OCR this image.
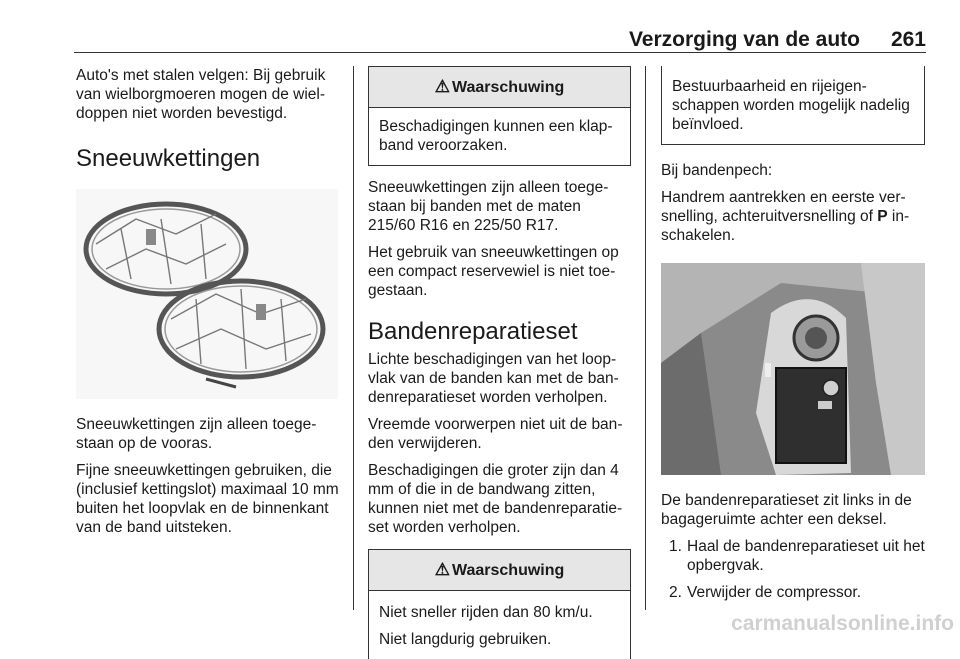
Verzorging van de auto 261

Auto's met stalen velgen: Bij gebruik van wielborgmoeren mogen de wieldoppen niet worden bevestigd.

Sneeuwkettingen

Sneeuwkettingen zijn alleen toegestaan op de vooras.

Fijne sneeuwkettingen gebruiken, die (inclusief kettingslot) maximaal 10 mm buiten het loopvlak en de binnenkant van de band uitsteken.

⚠ Waarschuwing

Beschadigingen kunnen een klapband veroorzaken.

Sneeuwkettingen zijn alleen toegestaan bij banden met de maten 215/60 R16 en 225/50 R17.

Het gebruik van sneeuwkettingen op een compact reservewiel is niet toegestaan.

Bandenreparatieset

Lichte beschadigingen van het loopvlak van de banden kan met de bandenreparatieset worden verholpen.

Vreemde voorwerpen niet uit de banden verwijderen.

Beschadigingen die groter zijn dan 4 mm of die in de bandwang zitten, kunnen niet met de bandenreparatieset worden verholpen.

⚠ Waarschuwing

Niet sneller rijden dan 80 km/u.

Niet langdurig gebruiken.

Bestuurbaarheid en rijeigenschappen worden mogelijk nadelig beïnvloed.

Bij bandenpech:

Handrem aantrekken en eerste versnelling, achteruitversnelling of P inschakelen.

De bandenreparatieset zit links in de bagageruimte achter een deksel.

1. Haal de bandenreparatieset uit het opbergvak.
2. Verwijder de compressor.
carmanualsonline.info
